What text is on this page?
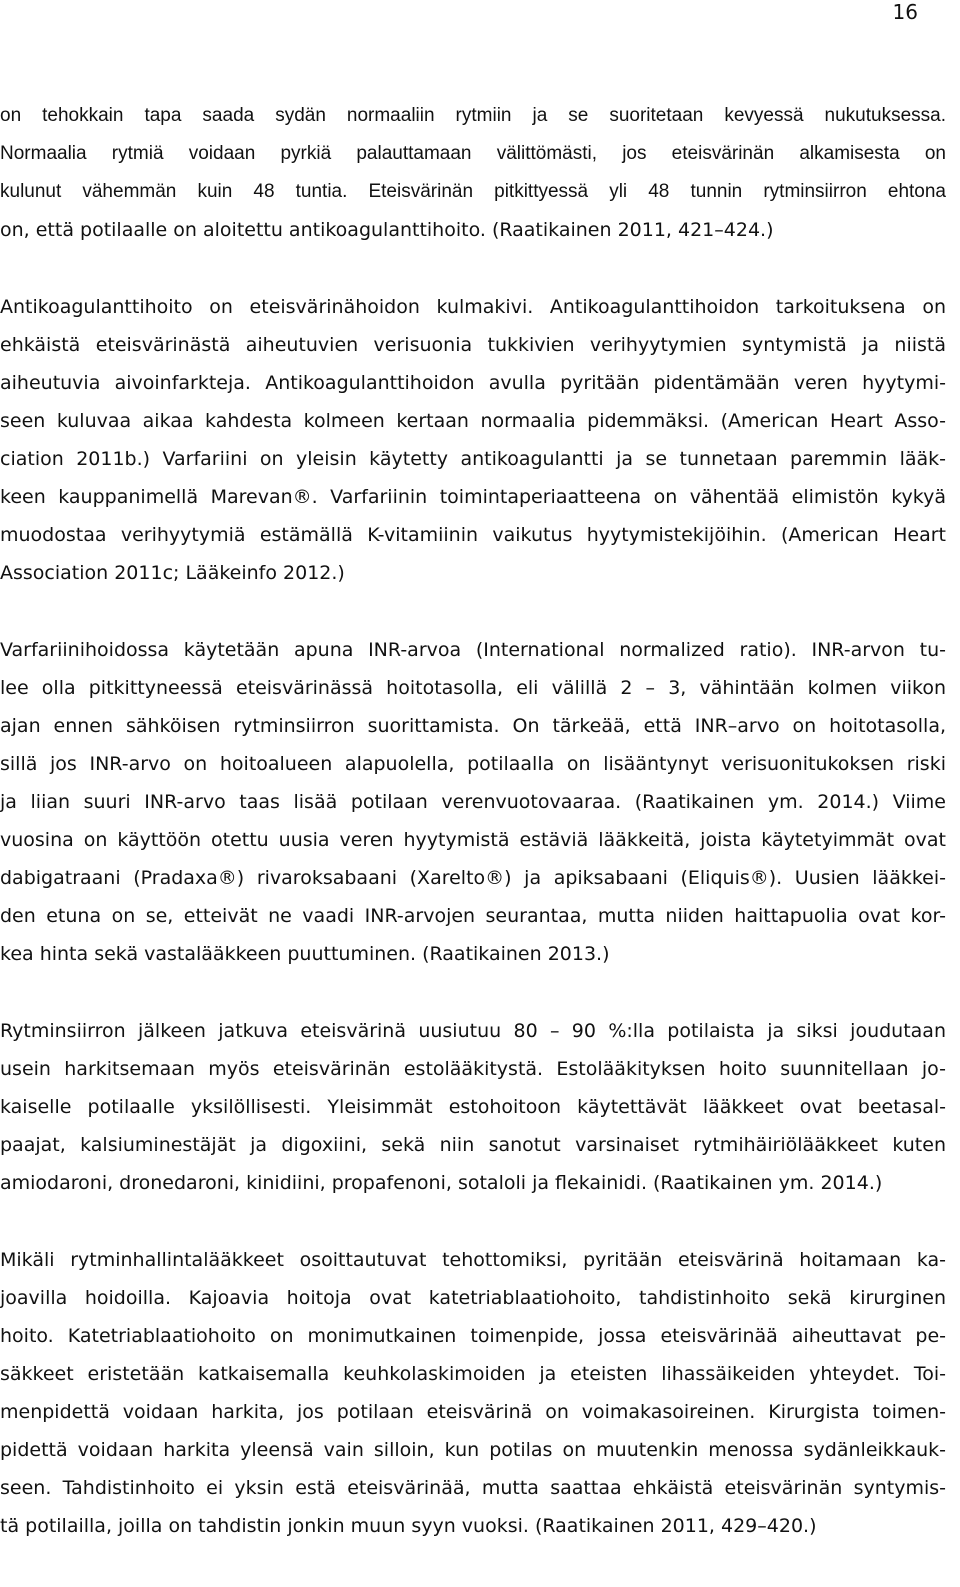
16
on tehokkain tapa saada sydän normaaliin rytmiin ja se suoritetaan kevyessä nukutuksessa.
Normaalia rytmiä voidaan pyrkiä palauttamaan välittömästi, jos eteisvärinän alkamisesta on
kulunut vähemmän kuin 48 tuntia. Eteisvärinän pitkittyessä yli 48 tunnin rytminsiirron ehtona
on, että potilaalle on aloitettu antikoagulanttihoito. (Raatikainen 2011, 421–424.)
Antikoagulanttihoito on eteisvärinähoidon kulmakivi. Antikoagulanttihoidon tarkoituksena on
ehkäistä eteisvärinästä aiheutuvien verisuonia tukkivien verihyytymien syntymistä ja niistä
aiheutuvia aivoinfarkteja. Antikoagulanttihoidon avulla pyritään pidentämään veren hyytymi-
seen kuluvaa aikaa kahdesta kolmeen kertaan normaalia pidemmäksi. (American Heart Asso-
ciation 2011b.) Varfariini on yleisin käytetty antikoagulantti ja se tunnetaan paremmin lääk-
keen kauppanimellä Marevan®. Varfariinin toimintaperiaatteena on vähentää elimistön kykyä
muodostaa verihyytymiä estämällä K-vitamiinin vaikutus hyytymistekijöihin. (American Heart
Association 2011c; Lääkeinfo 2012.)
Varfariinihoidossa käytetään apuna INR-arvoa (International normalized ratio). INR-arvon tu-
lee olla pitkittyneessä eteisvärinässä hoitotasolla, eli välillä 2 – 3, vähintään kolmen viikon
ajan ennen sähköisen rytminsiirron suorittamista. On tärkeää, että INR–arvo on hoitotasolla,
sillä jos INR-arvo on hoitoalueen alapuolella, potilaalla on lisääntynyt verisuonitukoksen riski
ja liian suuri INR-arvo taas lisää potilaan verenvuotovaaraa. (Raatikainen ym. 2014.) Viime
vuosina on käyttöön otettu uusia veren hyytymistä estäviä lääkkeitä, joista käytetyimmät ovat
dabigatraani (Pradaxa®) rivaroksabaani (Xarelto®) ja apiksabaani (Eliquis®). Uusien lääkkei-
den etuna on se, etteivät ne vaadi INR-arvojen seurantaa, mutta niiden haittapuolia ovat kor-
kea hinta sekä vastalääkkeen puuttuminen. (Raatikainen 2013.)
Rytminsiirron jälkeen jatkuva eteisvärinä uusiutuu 80 – 90 %:lla potilaista ja siksi joudutaan
usein harkitsemaan myös eteisvärinän estolääkitystä. Estolääkityksen hoito suunnitellaan jo-
kaiselle potilaalle yksilöllisesti. Yleisimmät estohoitoon käytettävät lääkkeet ovat beetasal-
paajat, kalsiuminestäjät ja digoxiini, sekä niin sanotut varsinaiset rytmihäiriölääkkeet kuten
amiodaroni, dronedaroni, kinidiini, propafenoni, sotaloli ja flekainidi. (Raatikainen ym. 2014.)
Mikäli rytminhallintalääkkeet osoittautuvat tehottomiksi, pyritään eteisvärinä hoitamaan ka-
joavilla hoidoilla. Kajoavia hoitoja ovat katetriablaatiohoito, tahdistinhoito sekä kirurginen
hoito. Katetriablaatiohoito on monimutkainen toimenpide, jossa eteisvärinää aiheuttavat pe-
säkkeet eristetään katkaisemalla keuhkolaskimoiden ja eteisten lihassäikeiden yhteydet. Toi-
menpidettä voidaan harkita, jos potilaan eteisvärinä on voimakasoireinen. Kirurgista toimen-
pidettä voidaan harkita yleensä vain silloin, kun potilas on muutenkin menossa sydänleikkauk-
seen. Tahdistinhoito ei yksin estä eteisvärinää, mutta saattaa ehkäistä eteisvärinän syntymis-
tä potilailla, joilla on tahdistin jonkin muun syyn vuoksi. (Raatikainen 2011, 429–420.)
